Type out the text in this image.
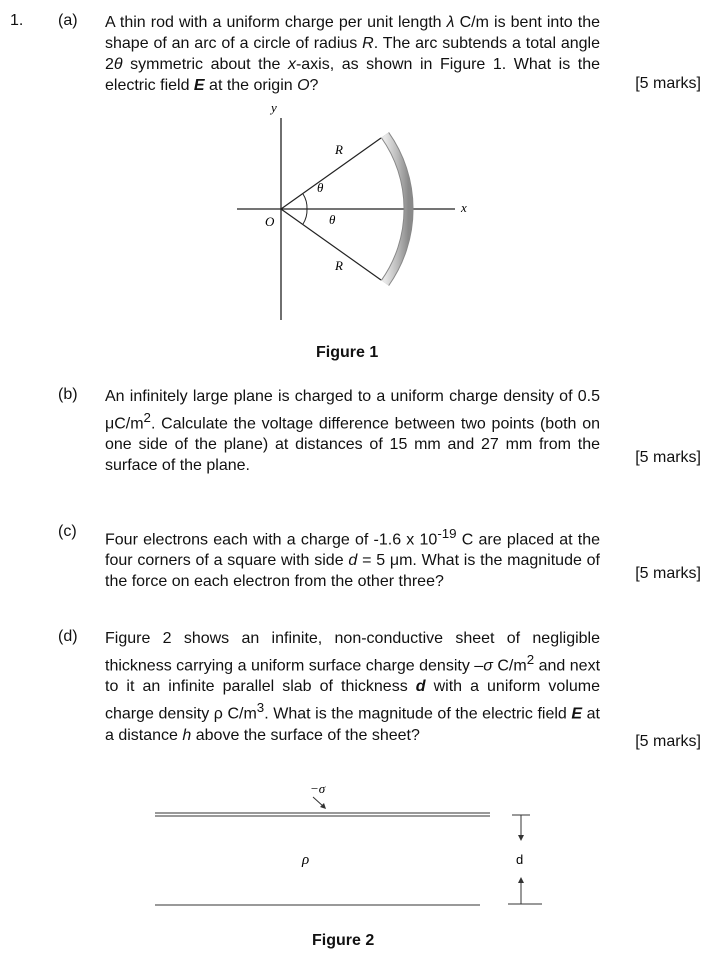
1. (a) A thin rod with a uniform charge per unit length λ C/m is bent into the shape of an arc of a circle of radius R. The arc subtends a total angle 2θ symmetric about the x-axis, as shown in Figure 1. What is the electric field E at the origin O?	[5 marks]
y
x
O
R
R
θ
θ
Figure 1
(b) An infinitely large plane is charged to a uniform charge density of 0.5 $\mu C/m^2$. Calculate the voltage difference between two points (both on one side of the plane) at distances of 15 mm and 27 mm from the surface of the plane.	[5 marks]
(c) Four electrons each with a charge of -1.6 x $10^{-19}$ C are placed at the four corners of a square with side d = 5 μm. What is the magnitude of the force on each electron from the other three?	[5 marks]
(d) Figure 2 shows an infinite, non-conductive sheet of negligible thickness carrying a uniform surface charge density –σ $C/m^2$ and next to it an infinite parallel slab of thickness d with a uniform volume charge density ρ $C/m^3$. What is the magnitude of the electric field E at a distance h above the surface of the sheet?	[5 marks]
−σ
ρ	d
Figure 2
